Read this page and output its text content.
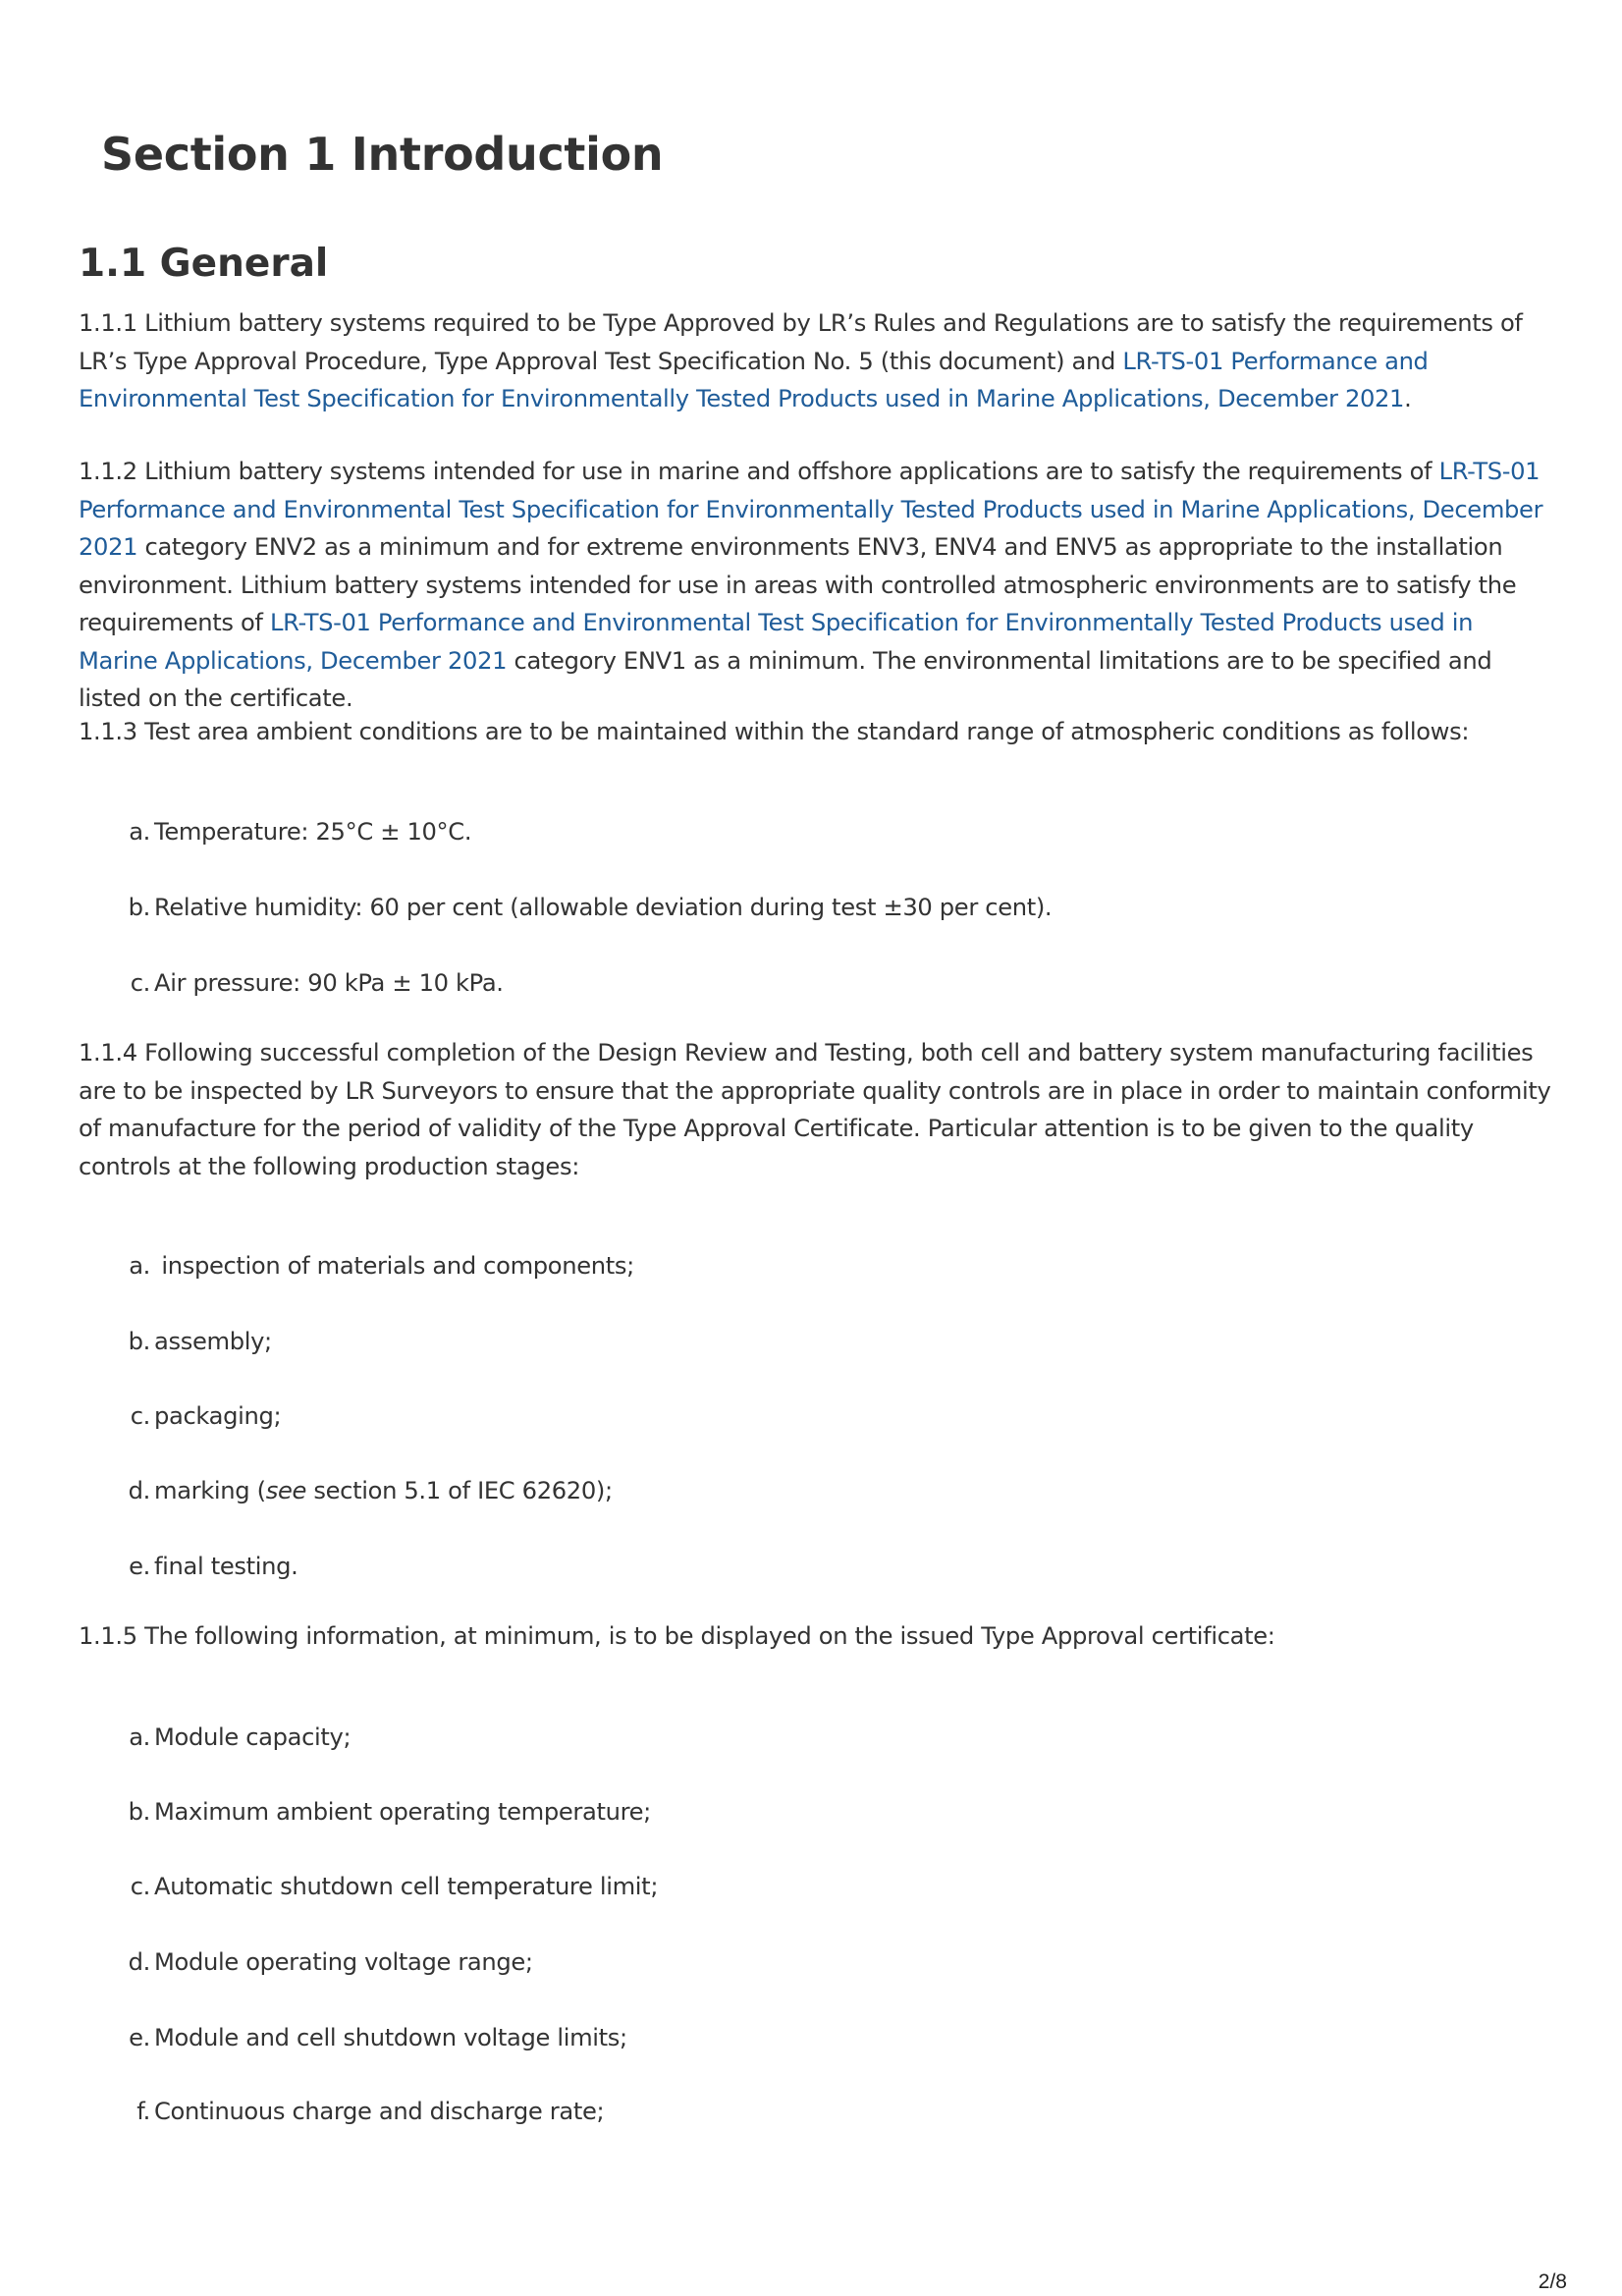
Section 1 Introduction
1.1 General

1.1.1 Lithium battery systems required to be Type Approved by LR’s Rules and Regulations are to satisfy the requirements of LR’s Type Approval Procedure, Type Approval Test Specification No. 5 (this document) and LR-TS-01 Performance and Environmental Test Specification for Environmentally Tested Products used in Marine Applications, December 2021.

1.1.2 Lithium battery systems intended for use in marine and offshore applications are to satisfy the requirements of LR-TS-01 Performance and Environmental Test Specification for Environmentally Tested Products used in Marine Applications, December 2021 category ENV2 as a minimum and for extreme environments ENV3, ENV4 and ENV5 as appropriate to the installation environment. Lithium battery systems intended for use in areas with controlled atmospheric environments are to satisfy the requirements of LR-TS-01 Performance and Environmental Test Specification for Environmentally Tested Products used in Marine Applications, December 2021 category ENV1 as a minimum. The environmental limitations are to be specified and listed on the certificate.

1.1.3 Test area ambient conditions are to be maintained within the standard range of atmospheric conditions as follows:

a. Temperature: 25°C ± 10°C.

b. Relative humidity: 60 per cent (allowable deviation during test ±30 per cent).

c. Air pressure: 90 kPa ± 10 kPa.

1.1.4 Following successful completion of the Design Review and Testing, both cell and battery system manufacturing facilities are to be inspected by LR Surveyors to ensure that the appropriate quality controls are in place in order to maintain conformity of manufacture for the period of validity of the Type Approval Certificate. Particular attention is to be given to the quality controls at the following production stages:

a. inspection of materials and components;

b. assembly;

c. packaging;

d. marking (see section 5.1 of IEC 62620);

e. final testing.

1.1.5 The following information, at minimum, is to be displayed on the issued Type Approval certificate:

a. Module capacity;

b. Maximum ambient operating temperature;

c. Automatic shutdown cell temperature limit;

d. Module operating voltage range;

e. Module and cell shutdown voltage limits;

f. Continuous charge and discharge rate;

2/8
